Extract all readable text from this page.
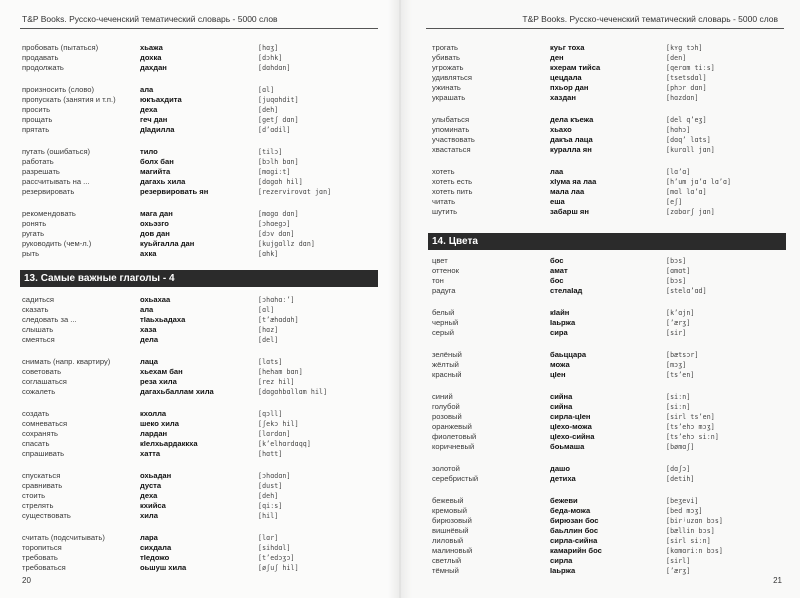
T&P Books. Русско-чеченский тематический словарь - 5000 слов
пробовать (пытаться)	хьажа	[hɑʒ]
продавать	дохка	[dɔhk]
продолжать	дахдан	[dɑhdɑn]
произносить (слово)	ала	[ɑl]
пропускать (занятия и т.п.)	юкъахдита	[juqɑhdit]
просить	деха	[deh]
прощать	геч дан	[getʃ dɑn]
прятать	дӀадилла	[dʼɑdil]
путать (ошибаться)	тило	[tilɔ]
работать	болх бан	[bɔlh bɑn]
разрешать	магийта	[mɑgiːt]
рассчитывать на ...	дагахь хила	[dɑgɑh hil]
резервировать	резервировать ян	[rezervirovɑt jɑn]
рекомендовать	мага дан	[mɑgɑ dɑn]
ронять	охьэзго	[ɔhɑegɔ]
ругать	дов дан	[dɔv dɑn]
руководить (чем-л.)	куьйгалла дан	[kujgɑllz dɑn]
рыть	ахка	[ɑhk]
13. Самые важные глаголы - 4
садиться	охьахаа	[ɔhɑhɑːʼ]
сказать	ала	[ɑl]
следовать за ...	тӀаьхьадаха	[tʼæhɑdɑh]
слышать	хаза	[hɑz]
смеяться	дела	[del]
снимать (напр. квартиру)	лаца	[lɑts]
советовать	хьехам бан	[heham bɑn]
соглашаться	реза хила	[rez hil]
сожалеть	дагахьбаллам хила	[dɑgɑhbɑllɑm hil]
создать	кхолла	[qɔll]
сомневаться	шеко хила	[ʃekɔ hil]
сохранять	лардан	[lɑrdɑn]
спасать	кӀелхьардаккха	[kʼelhɑrdɑqq]
спрашивать	хатта	[hɑtt]
спускаться	охьадан	[ɔhɑdɑn]
сравнивать	дуста	[dust]
стоить	деха	[deh]
стрелять	кхийса	[qiːs]
существовать	хила	[hil]
считать (подсчитывать)	лара	[lɑr]
торопиться	сихдала	[sihdɑl]
требовать	тӀедожо	[tʼedɔʒɔ]
требоваться	оьшуш хила	[øʃuʃ hil]
20
T&P Books. Русско-чеченский тематический словарь - 5000 слов
трогать	куьг тоха	[kʏg tɔh]
убивать	ден	[den]
угрожать	кхерам тийса	[qerɑm tiːs]
удивляться	цецдала	[tsetsdɑl]
ужинать	пхьор дан	[phɔr dɑn]
украшать	хаздан	[hɑzdɑn]
улыбаться	дела къежа	[del qʼeʒ]
упоминать	хьахо	[hɑhɔ]
участвовать	дакъа лаца	[dɑqʼ lɑts]
хвастаться	куралла ян	[kurɑll jɑn]
хотеть	лаа	[lɑʼɑ]
хотеть есть	хӀума яа лаа	[hʼum jɑʼɑ lɑʼɑ]
хотеть пить	мала лаа	[mɑl lɑʼɑ]
читать	еша	[eʃ]
шутить	забарш ян	[zɑbɑrʃ jɑn]
14. Цвета
цвет	бос	[bɔs]
оттенок	амат	[ɑmɑt]
тон	бос	[bɔs]
радуга	стелаӀад	[stelɑʼɑd]
белый	кӀайн	[kʼɑjn]
черный	Ӏаьржа	[ʼærʒ]
серый	сира	[sir]
зелёный	баьццара	[bætsɔr]
жёлтый	можа	[mɔʒ]
красный	цӀен	[tsʼen]
синий	сийна	[siːn]
голубой	сийна	[siːn]
розовый	сирла-цӀен	[sirl tsʼen]
оранжевый	цӀехо-можа	[tsʼehɔ mɔʒ]
фиолетовый	цӀехо-сийна	[tsʼehɔ siːn]
коричневый	боьмаша	[bømɑʃ]
золотой	дашо	[dɑʃɔ]
серебристый	детиха	[detih]
бежевый	бежеви	[beʒevi]
кремовый	беда-можа	[bed mɔʒ]
бирюзовый	бирюзан бос	[birʲuzɑn bɔs]
вишнёвый	баьллин бос	[bællin bɔs]
лиловый	сирла-сийна	[sirl siːn]
малиновый	камарийн бос	[kɑmɑriːn bɔs]
светлый	сирла	[sirl]
тёмный	Ӏаьржа	[ʼærʒ]
21
